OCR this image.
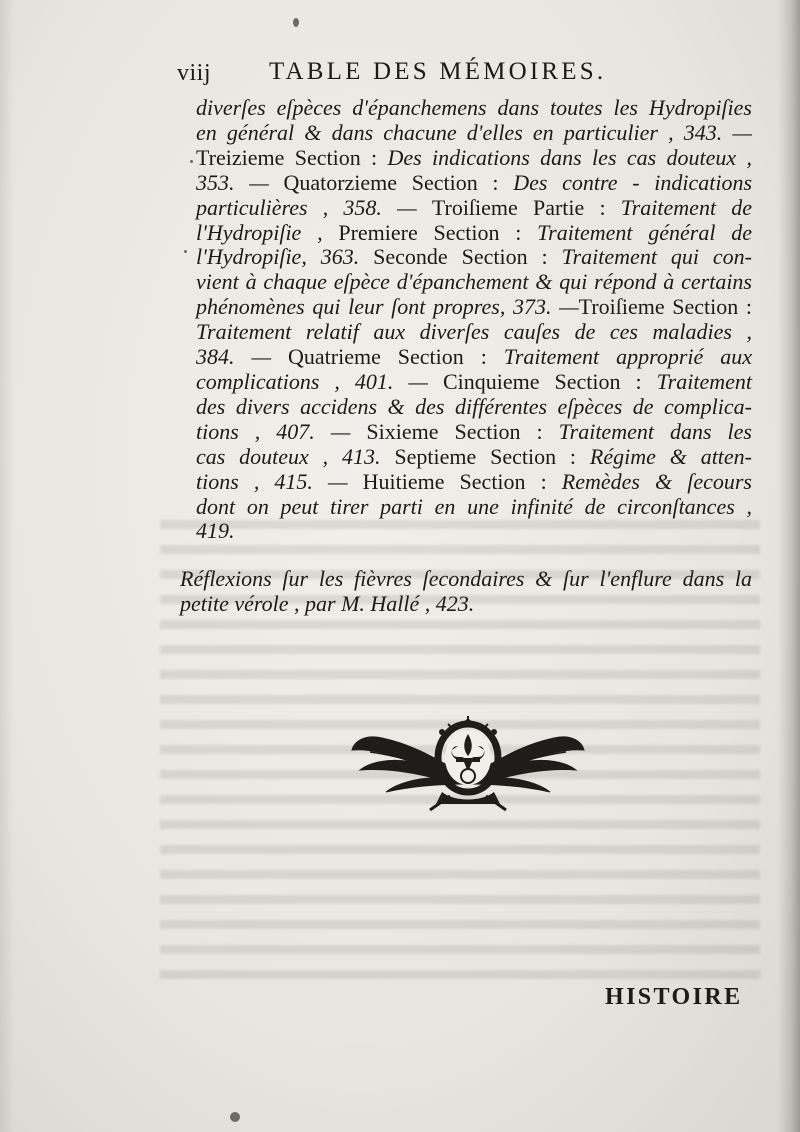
viij TABLE DES MÉMOIRES.
diverſes eſpèces d'épanchemens dans toutes les Hydropiſies
en général & dans chacune d'elles en particulier , 343. —
Treizieme Section : Des indications dans les cas douteux ,
353. — Quatorzieme Section : Des contre - indications
particulières , 358. — Troiſieme Partie : Traitement de
l'Hydropiſie , Premiere Section : Traitement général de
l'Hydropiſie, 363. Seconde Section : Traitement qui con-
vient à chaque eſpèce d'épanchement & qui répond à certains
phénomènes qui leur ſont propres, 373. —Troiſieme Section :
Traitement relatif aux diverſes cauſes de ces maladies ,
384. — Quatrieme Section : Traitement approprié aux
complications , 401. — Cinquieme Section : Traitement
des divers accidens & des différentes eſpèces de complica-
tions , 407. — Sixieme Section : Traitement dans les
cas douteux , 413. Septieme Section : Régime & atten-
tions , 415. — Huitieme Section : Remèdes & ſecours
dont on peut tirer parti en une infinité de circonſtances ,
419.
Réflexions ſur les fièvres ſecondaires & ſur l'enflure dans la
petite vérole , par M. Hallé , 423.
HISTOIRE
